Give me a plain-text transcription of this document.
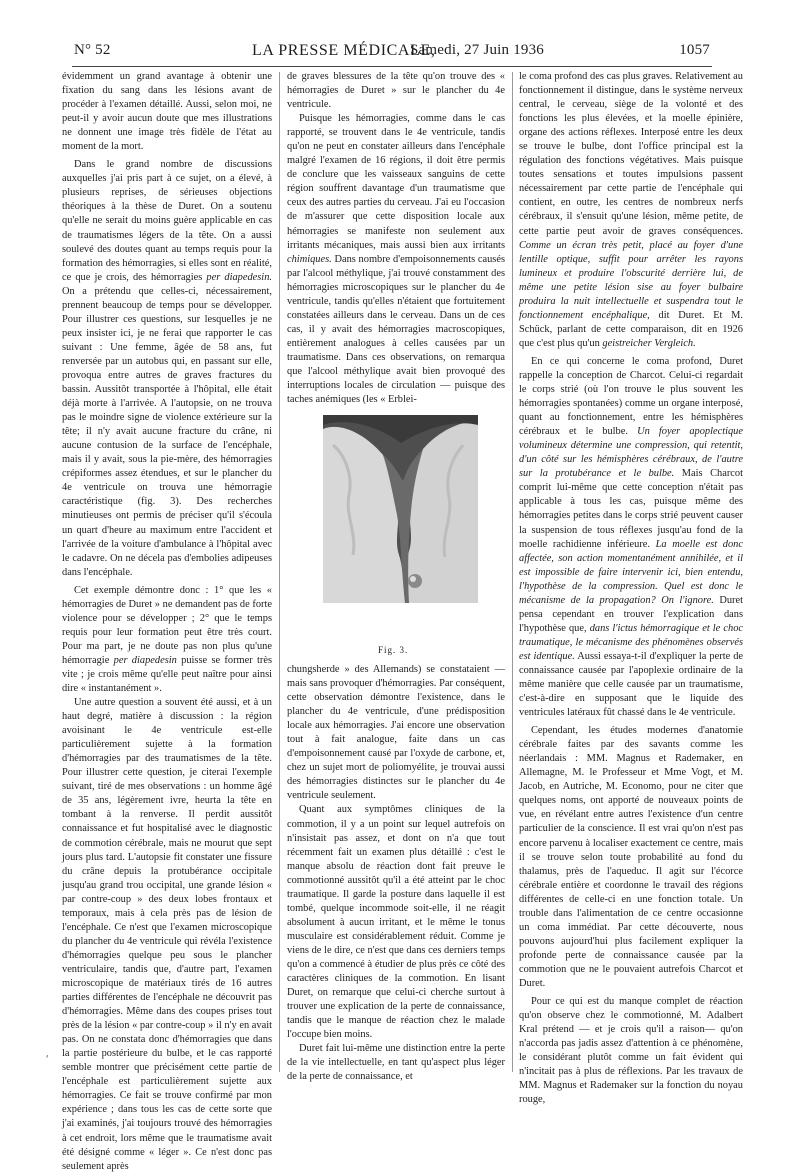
N° 52	LA PRESSE MÉDICALE,
Samedi, 27 Juin 1936	1057

évidemment un grand avantage à obtenir une fixation du sang dans les lésions avant de procéder à l'examen détaillé. Aussi, selon moi, ne peut-il y avoir aucun doute que mes illustrations ne donnent une image très fidèle de l'état au moment de la mort.

Dans le grand nombre de discussions auxquelles j'ai pris part à ce sujet, on a élevé, à plusieurs reprises, de sérieuses objections théoriques à la thèse de Duret. On a soutenu qu'elle ne serait du moins guère applicable en cas de traumatismes légers de la tête. On a aussi soulevé des doutes quant au temps requis pour la formation des hémorragies, si elles sont en réalité, ce que je crois, des hémorragies per diapedesin. On a prétendu que celles-ci, nécessairement, prennent beaucoup de temps pour se développer. Pour illustrer ces questions, sur lesquelles je ne peux insister ici, je ne ferai que rapporter le cas suivant : Une femme, âgée de 58 ans, fut renversée par un autobus qui, en passant sur elle, provoqua entre autres de graves fractures du bassin. Aussitôt transportée à l'hôpital, elle était déjà morte à l'arrivée. A l'autopsie, on ne trouva pas le moindre signe de violence extérieure sur la tête; il n'y avait aucune fracture du crâne, ni aucune contusion de la surface de l'encéphale, mais il y avait, sous la pie-mère, des hémorragies crépiformes assez étendues, et sur le plancher du 4e ventricule on trouva une hémorragie caractéristique (fig. 3). Des recherches minutieuses ont permis de préciser qu'il s'écoula un quart d'heure au maximum entre l'accident et l'arrivée de la voiture d'ambulance à l'hôpital avec le cadavre. On ne décela pas d'embolies adipeuses dans l'encéphale.

Cet exemple démontre donc : 1° que les « hémorragies de Duret » ne demandent pas de forte violence pour se développer ; 2° que le temps requis pour leur formation peut être très court. Pour ma part, je ne doute pas non plus qu'une hémorragie per diapedesin puisse se former très vite ; je crois même qu'elle peut naître pour ainsi dire « instantanément ».

Une autre question a souvent été aussi, et à un haut degré, matière à discussion : la région avoisinant le 4e ventricule est-elle particulièrement sujette à la formation d'hémorragies par des traumatismes de la tête. Pour illustrer cette question, je citerai l'exemple suivant, tiré de mes observations : un homme âgé de 35 ans, légèrement ivre, heurta la tête en tombant à la renverse. Il perdit aussitôt connaissance et fut hospitalisé avec le diagnostic de commotion cérébrale, mais ne mourut que sept jours plus tard. L'autopsie fit constater une fissure du crâne depuis la protubérance occipitale jusqu'au grand trou occipital, une grande lésion « par contre-coup » des deux lobes frontaux et temporaux, mais à cela près pas de lésion de l'encéphale. Ce n'est que l'examen microscopique du plancher du 4e ventricule qui révéla l'existence d'hémorragies quelque peu sous le plancher ventriculaire, tandis que, d'autre part, l'examen microscopique de matériaux tirés de 16 autres parties différentes de l'encéphale ne découvrit pas d'hémorragies. Même dans des coupes prises tout près de la lésion « par contre-coup » il n'y en avait pas. On ne constata donc d'hémorragies que dans la partie postérieure du bulbe, et le cas rapporté semble montrer que précisément cette partie de l'encéphale est particulièrement sujette aux hémorragies. Ce fait se trouve confirmé par mon expérience ; dans tous les cas de cette sorte que j'ai examinés, j'ai toujours trouvé des hémorragies à cet endroit, lors même que le traumatisme avait été désigné comme « léger ». Ce n'est donc pas seulement après

de graves blessures de la tête qu'on trouve des « hémorragies de Duret » sur le plancher du 4e ventricule.

Puisque les hémorragies, comme dans le cas rapporté, se trouvent dans le 4e ventricule, tandis qu'on ne peut en constater ailleurs dans l'encéphale malgré l'examen de 16 régions, il doit être permis de conclure que les vaisseaux sanguins de cette région souffrent davantage d'un traumatisme que ceux des autres parties du cerveau. J'ai eu l'occasion de m'assurer que cette disposition locale aux hémorragies se manifeste non seulement aux irritants mécaniques, mais aussi bien aux irritants chimiques. Dans nombre d'empoisonnements causés par l'alcool méthylique, j'ai trouvé constamment des hémorragies microscopiques sur le plancher du 4e ventricule, tandis qu'elles n'étaient que fortuitement constatées ailleurs dans le cerveau. Dans un de ces cas, il y avait des hémorragies macroscopiques, entièrement analogues à celles causées par un traumatisme. Dans ces observations, on remarqua que l'alcool méthylique avait bien provoqué des interruptions locales de circulation — puisque des taches anémiques (les « Erblei-

Fig. 3.

chungsherde » des Allemands) se constataient — mais sans provoquer d'hémorragies. Par conséquent, cette observation démontre l'existence, dans le plancher du 4e ventricule, d'une prédisposition locale aux hémorragies. J'ai encore une observation tout à fait analogue, faite dans un cas d'empoisonnement causé par l'oxyde de carbone, et, chez un sujet mort de poliomyélite, je trouvai aussi des hémorragies distinctes sur le plancher du 4e ventricule seulement.

Quant aux symptômes cliniques de la commotion, il y a un point sur lequel autrefois on n'insistait pas assez, et dont on n'a que tout récemment fait un examen plus détaillé : c'est le manque absolu de réaction dont fait preuve le commotionné aussitôt qu'il a été atteint par le choc traumatique. Il garde la posture dans laquelle il est tombé, quelque incommode soit-elle, il ne réagit absolument à aucun irritant, et le même le tonus musculaire est considérablement réduit. Comme je viens de le dire, ce n'est que dans ces derniers temps qu'on a commencé à étudier de plus près ce côté des caractères cliniques de la commotion. En lisant Duret, on remarque que celui-ci cherche surtout à trouver une explication de la perte de connaissance, tandis que le manque de réaction chez le malade l'occupe bien moins.

Duret fait lui-même une distinction entre la perte de la vie intellectuelle, en tant qu'aspect plus léger de la perte de connaissance, et

le coma profond des cas plus graves. Relativement au fonctionnement il distingue, dans le système nerveux central, le cerveau, siège de la volonté et des fonctions les plus élevées, et la moelle épinière, organe des actions réflexes. Interposé entre les deux se trouve le bulbe, dont l'office principal est la régulation des fonctions végétatives. Mais puisque toutes sensations et toutes impulsions passent nécessairement par cette partie de l'encéphale qui contient, en outre, les centres de nombreux nerfs cérébraux, il s'ensuit qu'une lésion, même petite, de cette partie peut avoir de graves conséquences. Comme un écran très petit, placé au foyer d'une lentille optique, suffit pour arrêter les rayons lumineux et produire l'obscurité derrière lui, de même une petite lésion sise au foyer bulbaire produira la nuit intellectuelle et suspendra tout le fonctionnement encéphalique, dit Duret. Et M. Schück, parlant de cette comparaison, dit en 1926 que c'est plus qu'un geistreicher Vergleich.

En ce qui concerne le coma profond, Duret rappelle la conception de Charcot. Celui-ci regardait le corps strié (où l'on trouve le plus souvent les hémorragies spontanées) comme un organe interposé, quant au fonctionnement, entre les hémisphères cérébraux et le bulbe. Un foyer apoplectique volumineux détermine une compression, qui retentit, d'un côté sur les hémisphères cérébraux, de l'autre sur la protubérance et le bulbe. Mais Charcot comprit lui-même que cette conception n'était pas applicable à tous les cas, puisque même des hémorragies petites dans le corps strié peuvent causer la suspension de tous réflexes jusqu'au fond de la moelle rachidienne inférieure. La moelle est donc affectée, son action momentanément annihilée, et il est impossible de faire intervenir ici, bien entendu, l'hypothèse de la compression. Quel est donc le mécanisme de la propagation? On l'ignore. Duret pensa cependant en trouver l'explication dans l'hypothèse que, dans l'ictus hémorragique et le choc traumatique, le mécanisme des phénomènes observés est identique. Aussi essaya-t-il d'expliquer la perte de connaissance causée par l'apoplexie ordinaire de la même manière que celle causée par un traumatisme, c'est-à-dire en supposant que le liquide des ventricules latéraux fût chassé dans le 4e ventricule.

Cependant, les études modernes d'anatomie cérébrale faites par des savants comme les néerlandais : MM. Magnus et Rademaker, en Allemagne, M. le Professeur et Mme Vogt, et M. Jacob, en Autriche, M. Economo, pour ne citer que quelques noms, ont apporté de nouveaux points de vue, en révélant entre autres l'existence d'un centre particulier de la conscience. Il est vrai qu'on n'est pas encore parvenu à localiser exactement ce centre, mais il se trouve selon toute probabilité au fond du thalamus, près de l'aqueduc. Il agit sur l'écorce cérébrale entière et coordonne le travail des régions différentes de celle-ci en une fonction totale. Un trouble dans l'alimentation de ce centre occasionne un coma immédiat. Par cette découverte, nous pouvons aujourd'hui plus facilement expliquer la profonde perte de connaissance causée par la commotion que ne le pouvaient autrefois Charcot et Duret.

Pour ce qui est du manque complet de réaction qu'on observe chez le commotionné, M. Adalbert Kral prétend — et je crois qu'il a raison— qu'on n'accorda pas jadis assez d'attention à ce phénomène, le considérant plutôt comme un fait évident qui n'incitait pas à plus de réflexions. Par les travaux de MM. Magnus et Rademaker sur la fonction du noyau rouge,

ʹ
